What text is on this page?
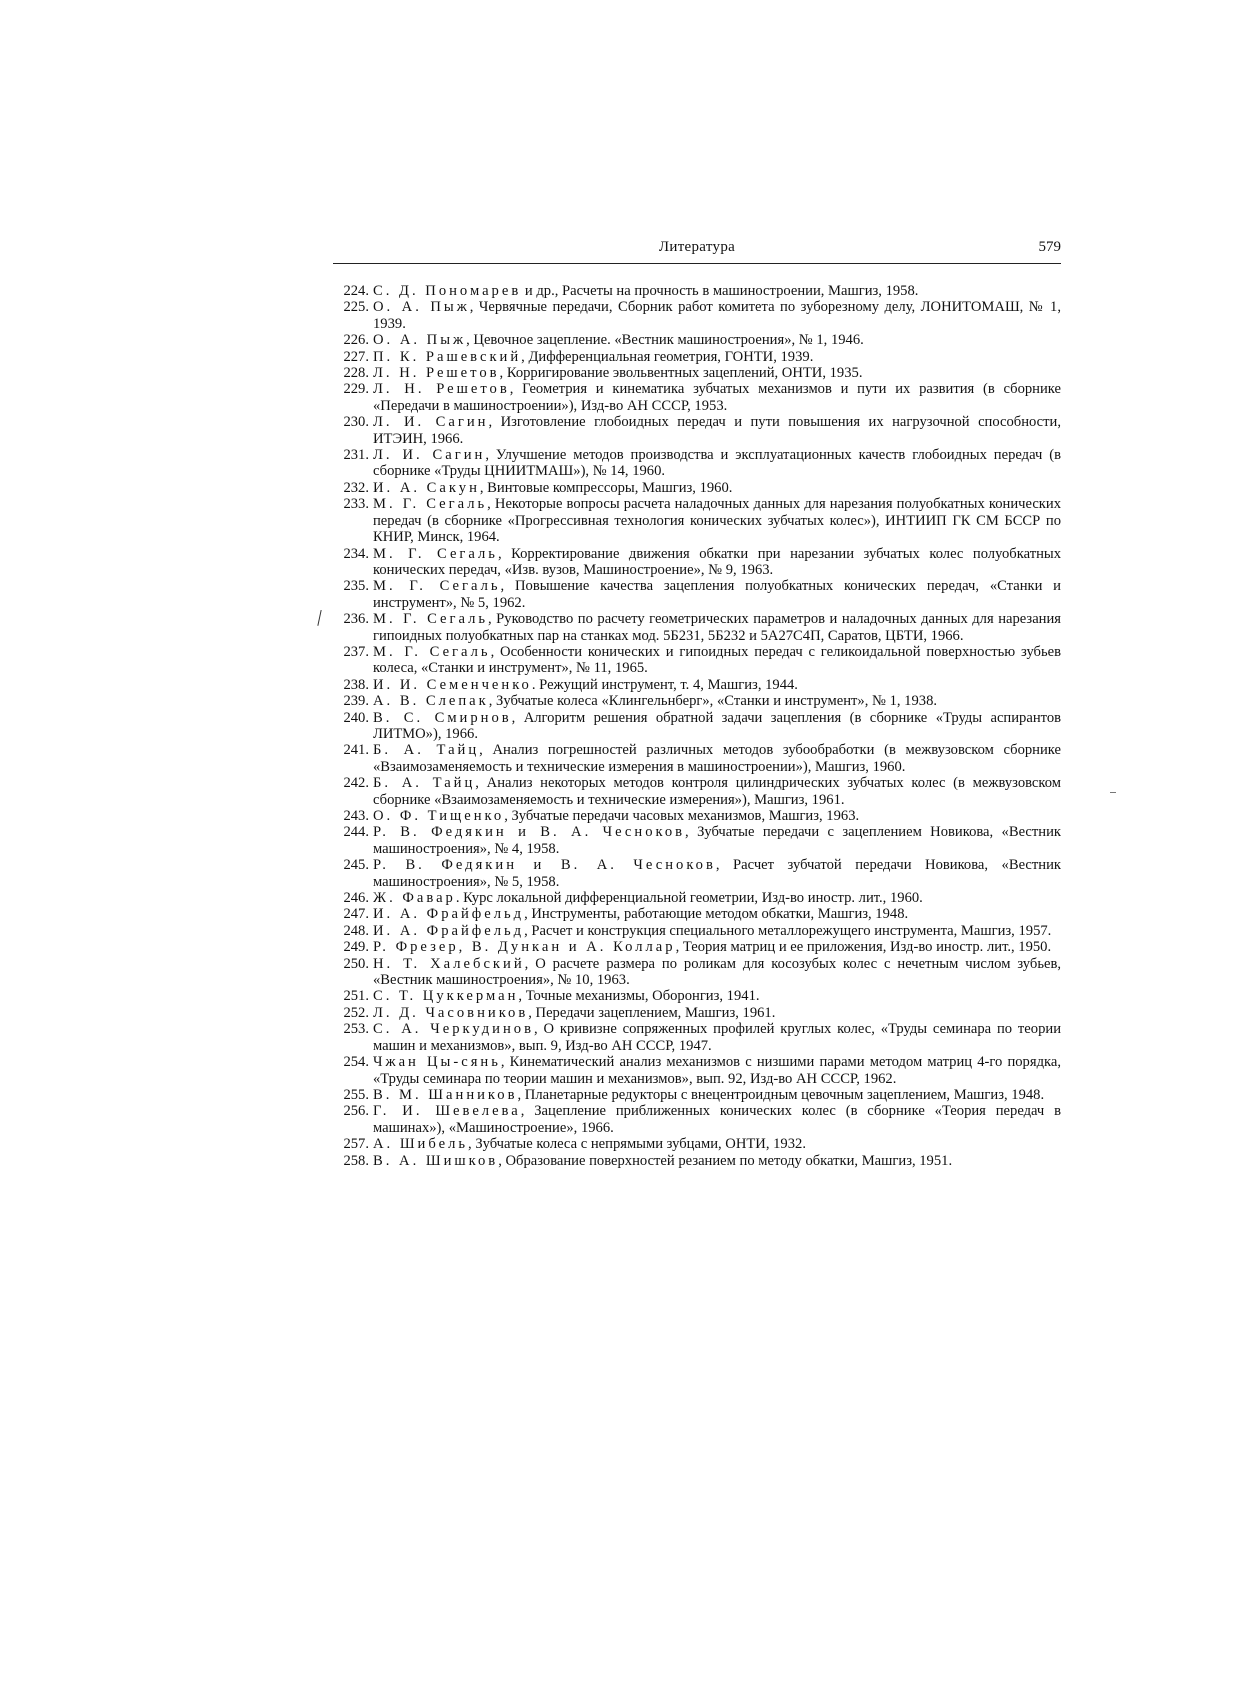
Литература	579

224. С. Д. Пономарев и др., Расчеты на прочность в машиностроении, Машгиз, 1958.

225. О. А. Пыж, Червячные передачи, Сборник работ комитета по зуборезному делу, ЛОНИТОМАШ, № 1, 1939.

226. О. А. Пыж, Цевочное зацепление. «Вестник машиностроения», № 1, 1946.

227. П. К. Рашевский, Дифференциальная геометрия, ГОНТИ, 1939.

228. Л. Н. Решетов, Корригирование эвольвентных зацеплений, ОНТИ, 1935.

229. Л. Н. Решетов, Геометрия и кинематика зубчатых механизмов и пути их развития (в сборнике «Передачи в машиностроении»), Изд-во АН СССР, 1953.

230. Л. И. Сагин, Изготовление глобоидных передач и пути повышения их нагрузочной способности, ИТЭИН, 1966.

231. Л. И. Сагин, Улучшение методов производства и эксплуатационных качеств глобоидных передач (в сборнике «Труды ЦНИИТМАШ»), № 14, 1960.

232. И. А. Сакун, Винтовые компрессоры, Машгиз, 1960.

233. М. Г. Сегаль, Некоторые вопросы расчета наладочных данных для нарезания полуобкатных конических передач (в сборнике «Прогрессивная технология конических зубчатых колес»), ИНТИИП ГК СМ БССР по КНИР, Минск, 1964.

234. М. Г. Сегаль, Корректирование движения обкатки при нарезании зубчатых колес полуобкатных конических передач, «Изв. вузов, Машиностроение», № 9, 1963.

235. М. Г. Сегаль, Повышение качества зацепления полуобкатных конических передач, «Станки и инструмент», № 5, 1962.

236. М. Г. Сегаль, Руководство по расчету геометрических параметров и наладочных данных для нарезания гипоидных полуобкатных пар на станках мод. 5Б231, 5Б232 и 5А27С4П, Саратов, ЦБТИ, 1966.

237. М. Г. Сегаль, Особенности конических и гипоидных передач с геликоидальной поверхностью зубьев колеса, «Станки и инструмент», № 11, 1965.

238. И. И. Семенченко. Режущий инструмент, т. 4, Машгиз, 1944.

239. А. В. Слепак, Зубчатые колеса «Клингельнберг», «Станки и инструмент», № 1, 1938.

240. В. С. Смирнов, Алгоритм решения обратной задачи зацепления (в сборнике «Труды аспирантов ЛИТМО»), 1966.

241. Б. А. Тайц, Анализ погрешностей различных методов зубообработки (в межвузовском сборнике «Взаимозаменяемость и технические измерения в машиностроении»), Машгиз, 1960.

242. Б. А. Тайц, Анализ некоторых методов контроля цилиндрических зубчатых колес (в межвузовском сборнике «Взаимозаменяемость и технические измерения»), Машгиз, 1961.

243. О. Ф. Тищенко, Зубчатые передачи часовых механизмов, Машгиз, 1963.

244. Р. В. Федякин и В. А. Чесноков, Зубчатые передачи с зацеплением Новикова, «Вестник машиностроения», № 4, 1958.

245. Р. В. Федякин и В. А. Чесноков, Расчет зубчатой передачи Новикова, «Вестник машиностроения», № 5, 1958.

246. Ж. Фавар. Курс локальной дифференциальной геометрии, Изд-во иностр. лит., 1960.

247. И. А. Фрайфельд, Инструменты, работающие методом обкатки, Машгиз, 1948.

248. И. А. Фрайфельд, Расчет и конструкция специального металлорежущего инструмента, Машгиз, 1957.

249. Р. Фрезер, В. Дункан и А. Коллар, Теория матриц и ее приложения, Изд-во иностр. лит., 1950.

250. Н. Т. Халебский, О расчете размера по роликам для косозубых колес с нечетным числом зубьев, «Вестник машиностроения», № 10, 1963.

251. С. Т. Цуккерман, Точные механизмы, Оборонгиз, 1941.

252. Л. Д. Часовников, Передачи зацеплением, Машгиз, 1961.

253. С. А. Черкудинов, О кривизне сопряженных профилей круглых колес, «Труды семинара по теории машин и механизмов», вып. 9, Изд-во АН СССР, 1947.

254. Чжан Цы-сянь, Кинематический анализ механизмов с низшими парами методом матриц 4-го порядка, «Труды семинара по теории машин и механизмов», вып. 92, Изд-во АН СССР, 1962.

255. В. М. Шанников, Планетарные редукторы с внецентроидным цевочным зацеплением, Машгиз, 1948.

256. Г. И. Шевелева, Зацепление приближенных конических колес (в сборнике «Теория передач в машинах»), «Машиностроение», 1966.

257. А. Шибель, Зубчатые колеса с непрямыми зубцами, ОНТИ, 1932.

258. В. А. Шишков, Образование поверхностей резанием по методу обкатки, Машгиз, 1951.
